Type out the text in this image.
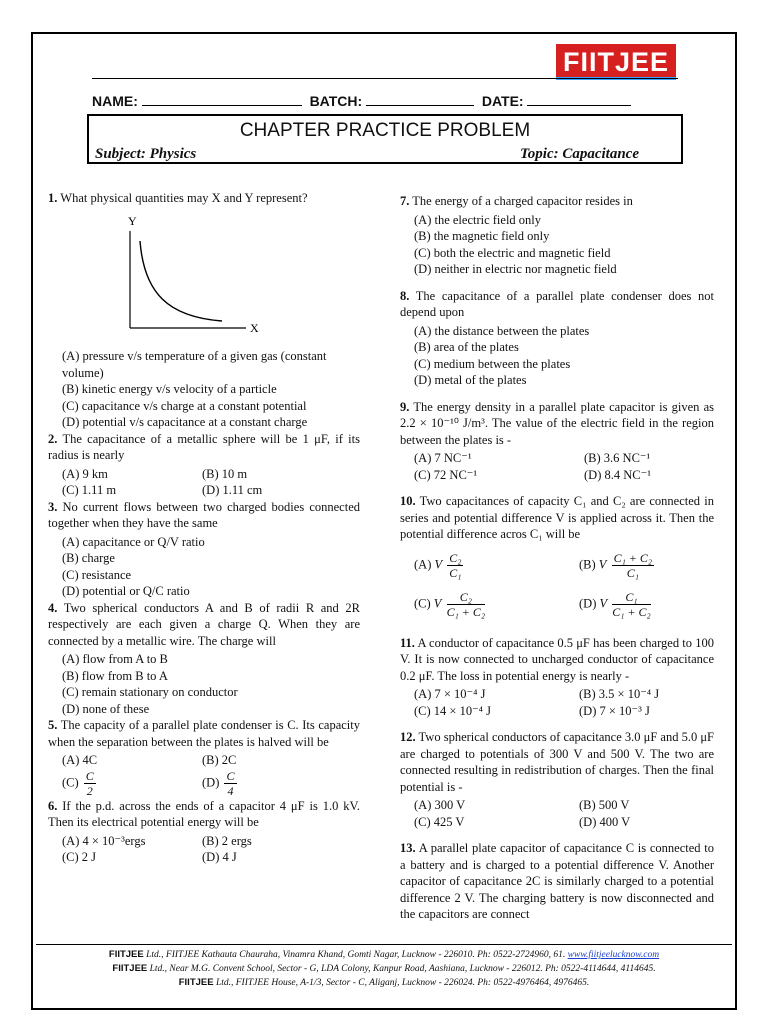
FIITJEE
NAME:	BATCH:	DATE:
CHAPTER PRACTICE PROBLEM
Subject: Physics	Topic: Capacitance
1. What physical quantities may X and Y represent?
Y
X
(A) pressure v/s temperature of a given gas (constant volume)
(B) kinetic energy v/s velocity of a particle
(C) capacitance v/s charge at a constant potential
(D) potential v/s capacitance at a constant charge
2. The capacitance of a metallic sphere will be 1 μF, if its radius is nearly
(A) 9 km	(B) 10 m
(C) 1.11 m	(D) 1.11 cm
3. No current flows between two charged bodies connected together when they have the same
(A) capacitance or Q/V ratio
(B) charge
(C) resistance
(D) potential or Q/C ratio
4. Two spherical conductors A and B of radii R and 2R respectively are each given a charge Q. When they are connected by a metallic wire. The charge will
(A) flow from A to B
(B) flow from B to A
(C) remain stationary on conductor
(D) none of these
5. The capacity of a parallel plate condenser is C. Its capacity when the separation between the plates is halved will be
(A) 4C	(B) 2C
$(C) \frac{C}{2}$	$(D) \frac{C}{4}$
6. If the p.d. across the ends of a capacitor 4 μF is 1.0 kV. Then its electrical potential energy will be
(A) 4 × 10⁻³ergs	(B) 2 ergs
(C) 2 J	(D) 4 J
7. The energy of a charged capacitor resides in
(A) the electric field only
(B) the magnetic field only
(C) both the electric and magnetic field
(D) neither in electric nor magnetic field
8. The capacitance of a parallel plate condenser does not depend upon
(A) the distance between the plates
(B) area of the plates
(C) medium between the plates
(D) metal of the plates
9. The energy density in a parallel plate capacitor is given as 2.2 × 10⁻¹⁰ J/m³. The value of the electric field in the region between the plates is -
(A) 7 NC⁻¹	(B) 3.6 NC⁻¹
(C) 72 NC⁻¹	(D) 8.4 NC⁻¹
10. Two capacitances of capacity C₁ and C₂ are connected in series and potential difference V is applied across it. Then the potential difference acros C₁ will be
(A) V $\frac{\text{C₂}}{\text{C₁}}$	(B) V $\frac{\text{C₁ + C₂}}{\text{C₁}}$
(C) V $\frac{\text{C₂}}{\text{C₁ + C₂}}$	(D) V $\frac{\text{C₁}}{\text{C₁ + C₂}}$
11. A conductor of capacitance 0.5 μF has been charged to 100 V. It is now connected to uncharged conductor of capacitance 0.2 μF. The loss in potential energy is nearly -
(A) 7 × 10⁻⁴ J	(B) 3.5 × 10⁻⁴ J
(C) 14 × 10⁻⁴ J	(D) 7 × 10⁻³ J
12. Two spherical conductors of capacitance 3.0 μF and 5.0 μF are charged to potentials of 300 V and 500 V. The two are connected resulting in redistribution of charges. Then the final potential is -
(A) 300 V	(B) 500 V
(C) 425 V	(D) 400 V
13. A parallel plate capacitor of capacitance C is connected to a battery and is charged to a potential difference V. Another capacitor of capacitance 2C is similarly charged to a potential difference 2 V. The charging battery is now disconnected and the capacitors are connect
FIITJEE Ltd., FIITJEE Kathauta Chauraha, Vinamra Khand, Gomti Nagar, Lucknow - 226010. Ph: 0522-2724960, 61. www.fiitjeelucknow.com
FIITJEE Ltd., Near M.G. Convent School, Sector - G, LDA Colony, Kanpur Road, Aashiana, Lucknow - 226012. Ph: 0522-4114644, 4114645.
FIITJEE Ltd., FIITJEE House, A-1/3, Sector - C, Aliganj, Lucknow - 226024. Ph: 0522-4976464, 4976465.
